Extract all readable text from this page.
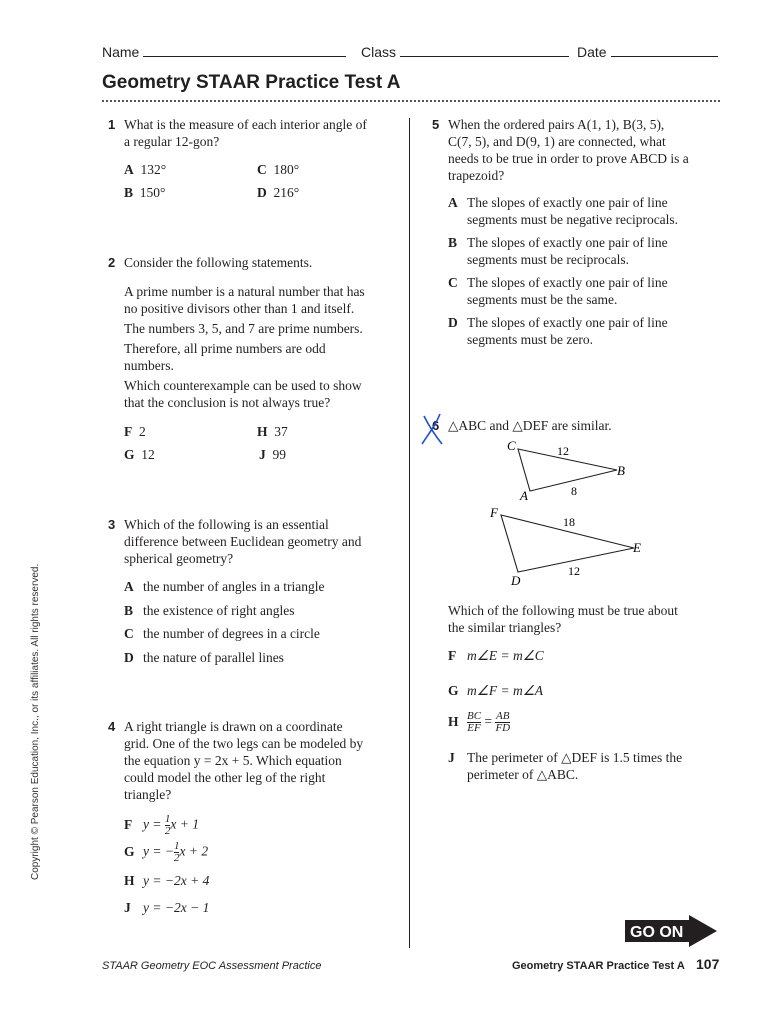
Name	Class	Date
Geometry STAAR Practice Test A
1 What is the measure of each interior angle of
a regular 12-gon?
A 132°	C 180°
B 150°	D 216°
2 Consider the following statements.
A prime number is a natural number that has
no positive divisors other than 1 and itself.
The numbers 3, 5, and 7 are prime numbers.
Therefore, all prime numbers are odd
numbers.
Which counterexample can be used to show
that the conclusion is not always true?
F 2	H 37
G 12	J 99
3 Which of the following is an essential
difference between Euclidean geometry and
spherical geometry?
A the number of angles in a triangle
B the existence of right angles
C the number of degrees in a circle
D the nature of parallel lines
4 A right triangle is drawn on a coordinate
grid. One of the two legs can be modeled by
the equation y = 2x + 5. Which equation
could model the other leg of the right
triangle?
F $y = \frac{1}{2}$ x + 1
G y = − $\frac{1}{2}$ x + 2
H y = −2x + 4
J y = −2x − 1
5 When the ordered pairs A(1, 1), B(3, 5),
C(7, 5), and D(9, 1) are connected, what
needs to be true in order to prove ABCD is a
trapezoid?
A The slopes of exactly one pair of line
segments must be negative reciprocals.
B The slopes of exactly one pair of line
segments must be reciprocals.
C The slopes of exactly one pair of line
segments must be the same.
D The slopes of exactly one pair of line
segments must be zero.
6 △ABC and △DEF are similar.
C
B
A
12
8
F
E
D
18
12
Which of the following must be true about
the similar triangles?
F m∠E = m∠C
G m∠F = m∠A
H $\frac{BC}{EF} = \frac{AB}{FD}$
J The perimeter of △DEF is 1.5 times the
perimeter of △ABC.
Copyright © Pearson Education, Inc., or its affiliates. All rights reserved.
GO ON
STAAR Geometry EOC Assessment Practice	Geometry STAAR Practice Test A 107
